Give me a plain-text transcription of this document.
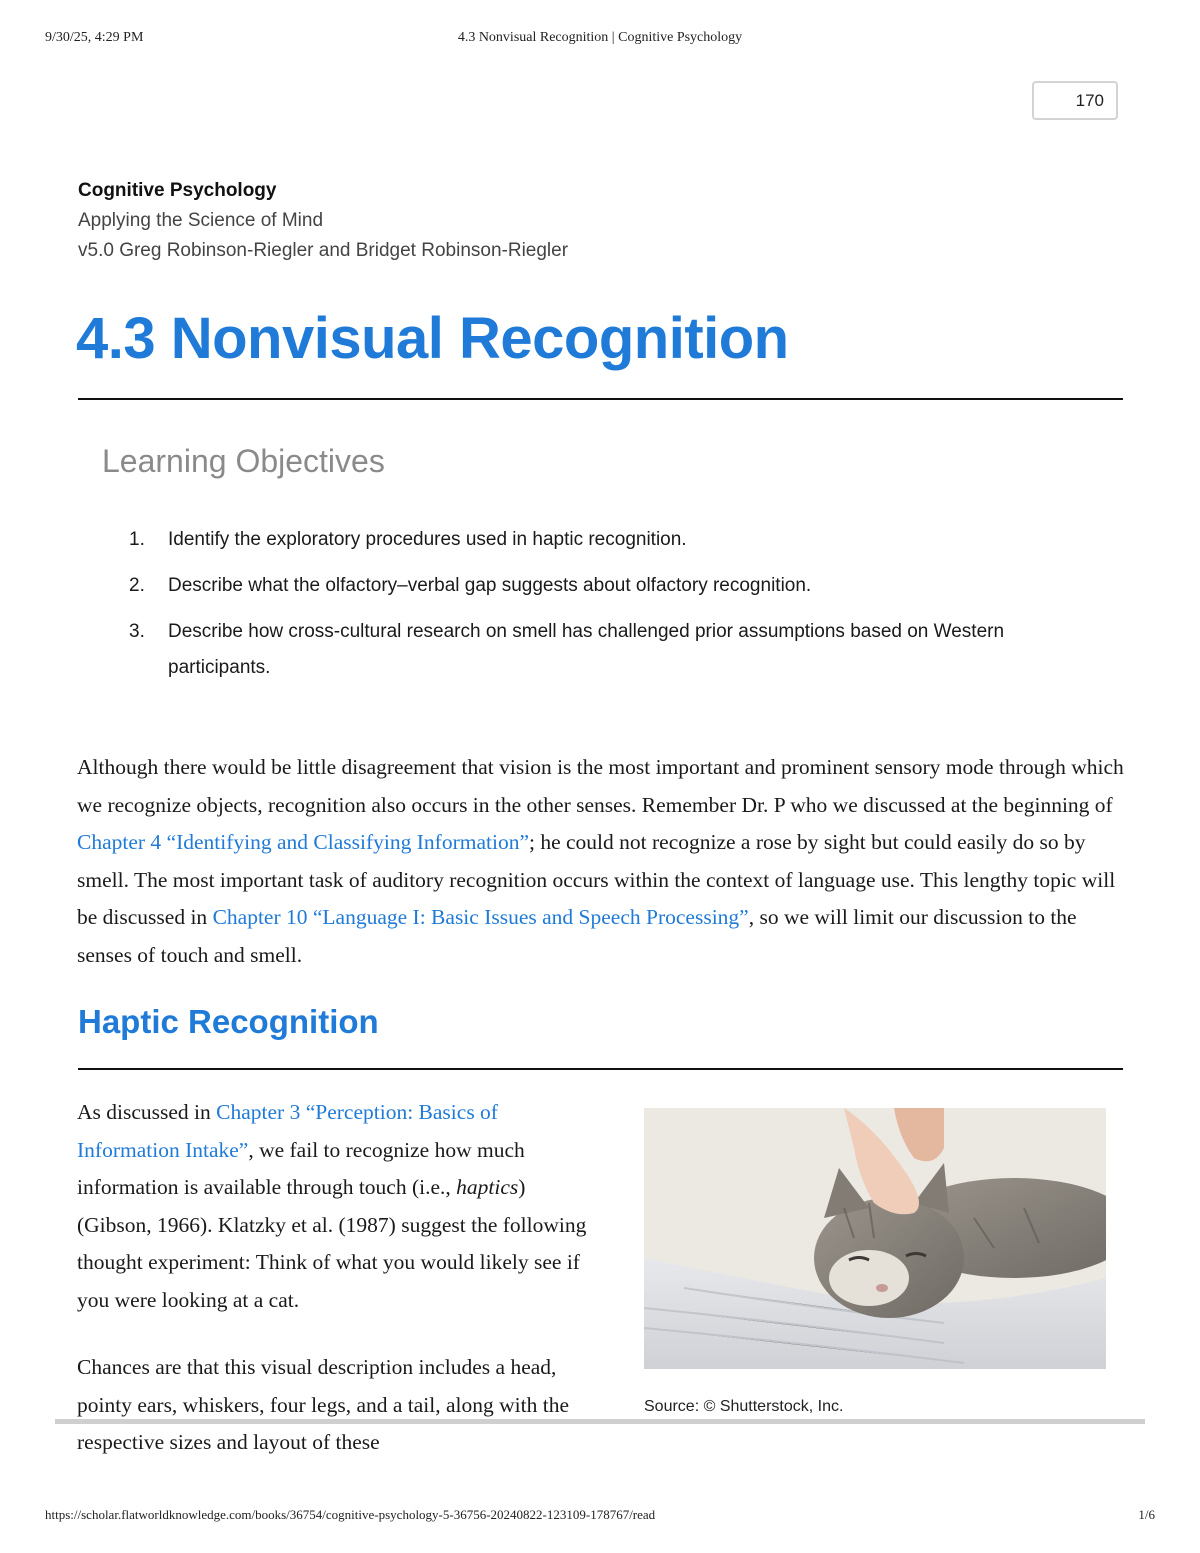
9/30/25, 4:29 PM	4.3 Nonvisual Recognition | Cognitive Psychology
170
Cognitive Psychology
Applying the Science of Mind
v5.0 Greg Robinson-Riegler and Bridget Robinson-Riegler
4.3 Nonvisual Recognition
Learning Objectives
1. Identify the exploratory procedures used in haptic recognition.
2. Describe what the olfactory–verbal gap suggests about olfactory recognition.
3. Describe how cross-cultural research on smell has challenged prior assumptions based on Western participants.

Although there would be little disagreement that vision is the most important and prominent sensory mode through which we recognize objects, recognition also occurs in the other senses. Remember Dr. P who we discussed at the beginning of Chapter 4 “Identifying and Classifying Information”; he could not recognize a rose by sight but could easily do so by smell. The most important task of auditory recognition occurs within the context of language use. This lengthy topic will be discussed in Chapter 10 “Language I: Basic Issues and Speech Processing”, so we will limit our discussion to the senses of touch and smell.

Haptic Recognition

As discussed in Chapter 3 “Perception: Basics of Information Intake”, we fail to recognize how much information is available through touch (i.e., haptics) (Gibson, 1966). Klatzky et al. (1987) suggest the following thought experiment: Think of what you would likely see if you were looking at a cat.

Chances are that this visual description includes a head, pointy ears, whiskers, four legs, and a tail, along with the respective sizes and layout of these

Source: © Shutterstock, Inc.
https://scholar.flatworldknowledge.com/books/36754/cognitive-psychology-5-36756-20240822-123109-178767/read	1/6
